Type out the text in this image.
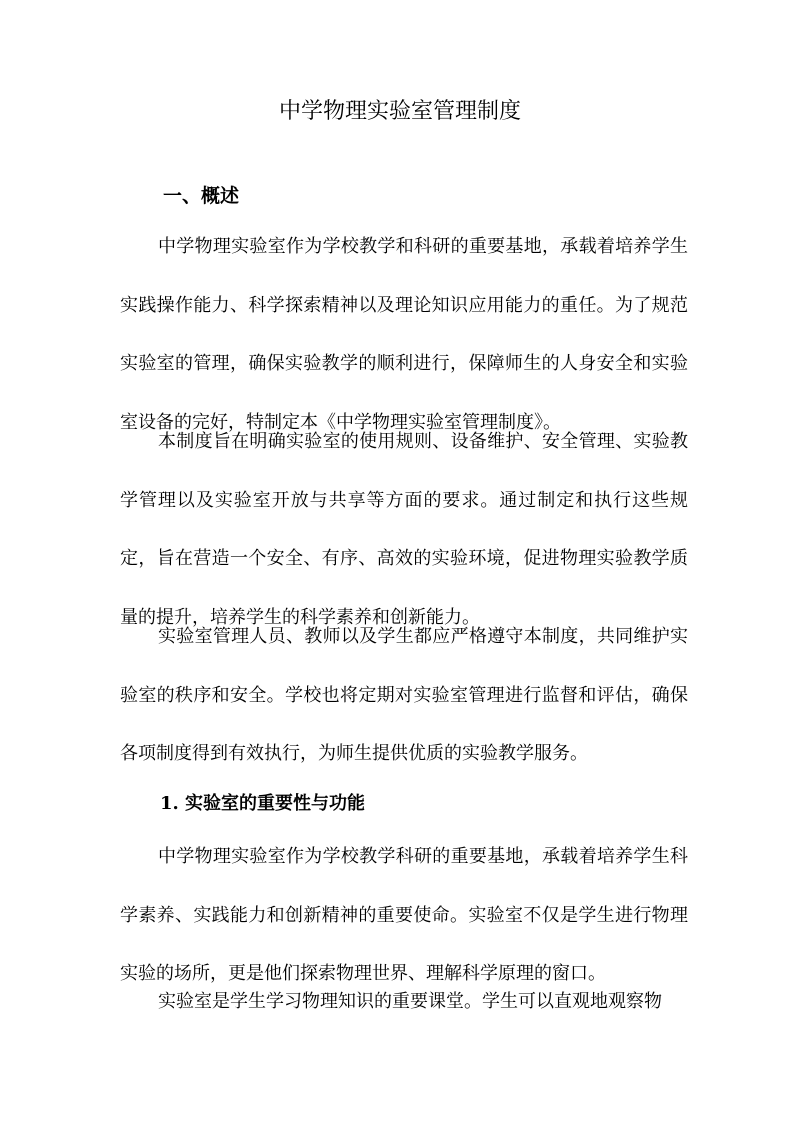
中学物理实验室管理制度
一、概述
中学物理实验室作为学校教学和科研的重要基地，承载着培养学生实践操作能力、科学探索精神以及理论知识应用能力的重任。为了规范实验室的管理，确保实验教学的顺利进行，保障师生的人身安全和实验室设备的完好，特制定本《中学物理实验室管理制度》。
本制度旨在明确实验室的使用规则、设备维护、安全管理、实验教学管理以及实验室开放与共享等方面的要求。通过制定和执行这些规定，旨在营造一个安全、有序、高效的实验环境，促进物理实验教学质量的提升，培养学生的科学素养和创新能力。
实验室管理人员、教师以及学生都应严格遵守本制度，共同维护实验室的秩序和安全。学校也将定期对实验室管理进行监督和评估，确保各项制度得到有效执行，为师生提供优质的实验教学服务。
1. 实验室的重要性与功能
中学物理实验室作为学校教学科研的重要基地，承载着培养学生科学素养、实践能力和创新精神的重要使命。实验室不仅是学生进行物理实验的场所，更是他们探索物理世界、理解科学原理的窗口。
实验室是学生学习物理知识的重要课堂。学生可以直观地观察物
